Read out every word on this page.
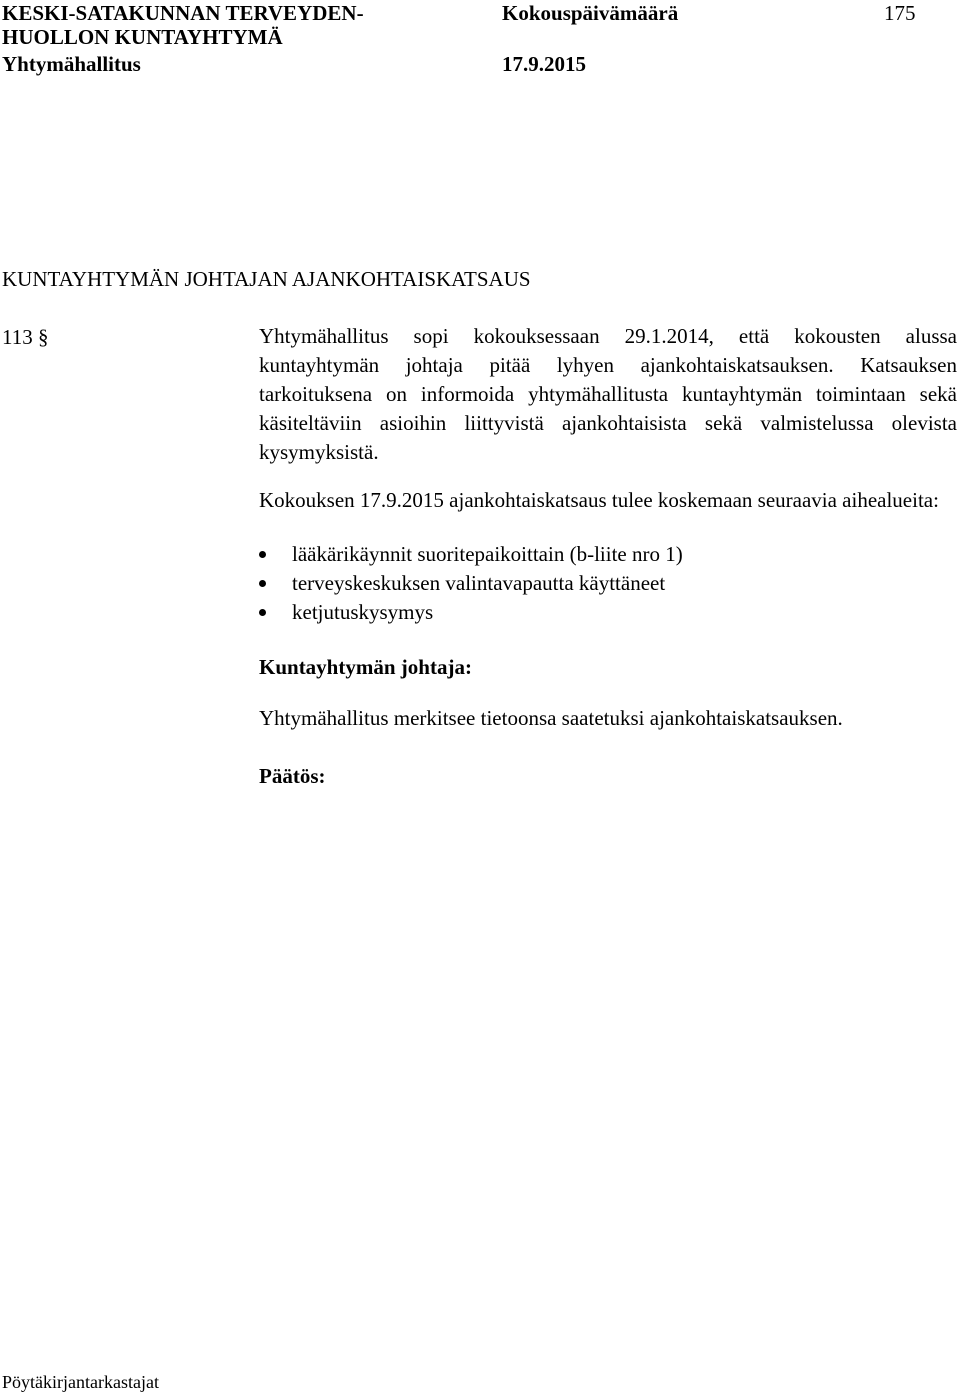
KESKI-SATAKUNNAN TERVEYDEN-
HUOLLON KUNTAYHTYMÄ
Yhtymähallitus
Kokouspäivämäärä
17.9.2015
175
KUNTAYHTYMÄN JOHTAJAN AJANKOHTAISKATSAUS
113 §	Yhtymähallitus sopi kokouksessaan 29.1.2014, että kokousten alussa kuntayhtymän johtaja pitää lyhyen ajankohtaiskatsauksen. Katsauksen tarkoituksena on informoida yhtymähallitusta kuntayhtymän toimintaan sekä käsiteltäviin asioihin liittyvistä ajankohtaisista sekä valmistelussa olevista kysymyksistä.
Kokouksen 17.9.2015 ajankohtaiskatsaus tulee koskemaan seuraavia aihealueita:
lääkärikäynnit suoritepaikoittain (b-liite nro 1)
terveyskeskuksen valintavapautta käyttäneet
ketjutuskysymys
Kuntayhtymän johtaja:
Yhtymähallitus merkitsee tietoonsa saatetuksi ajankohtaiskatsauksen.
Päätös:
Pöytäkirjantarkastajat
